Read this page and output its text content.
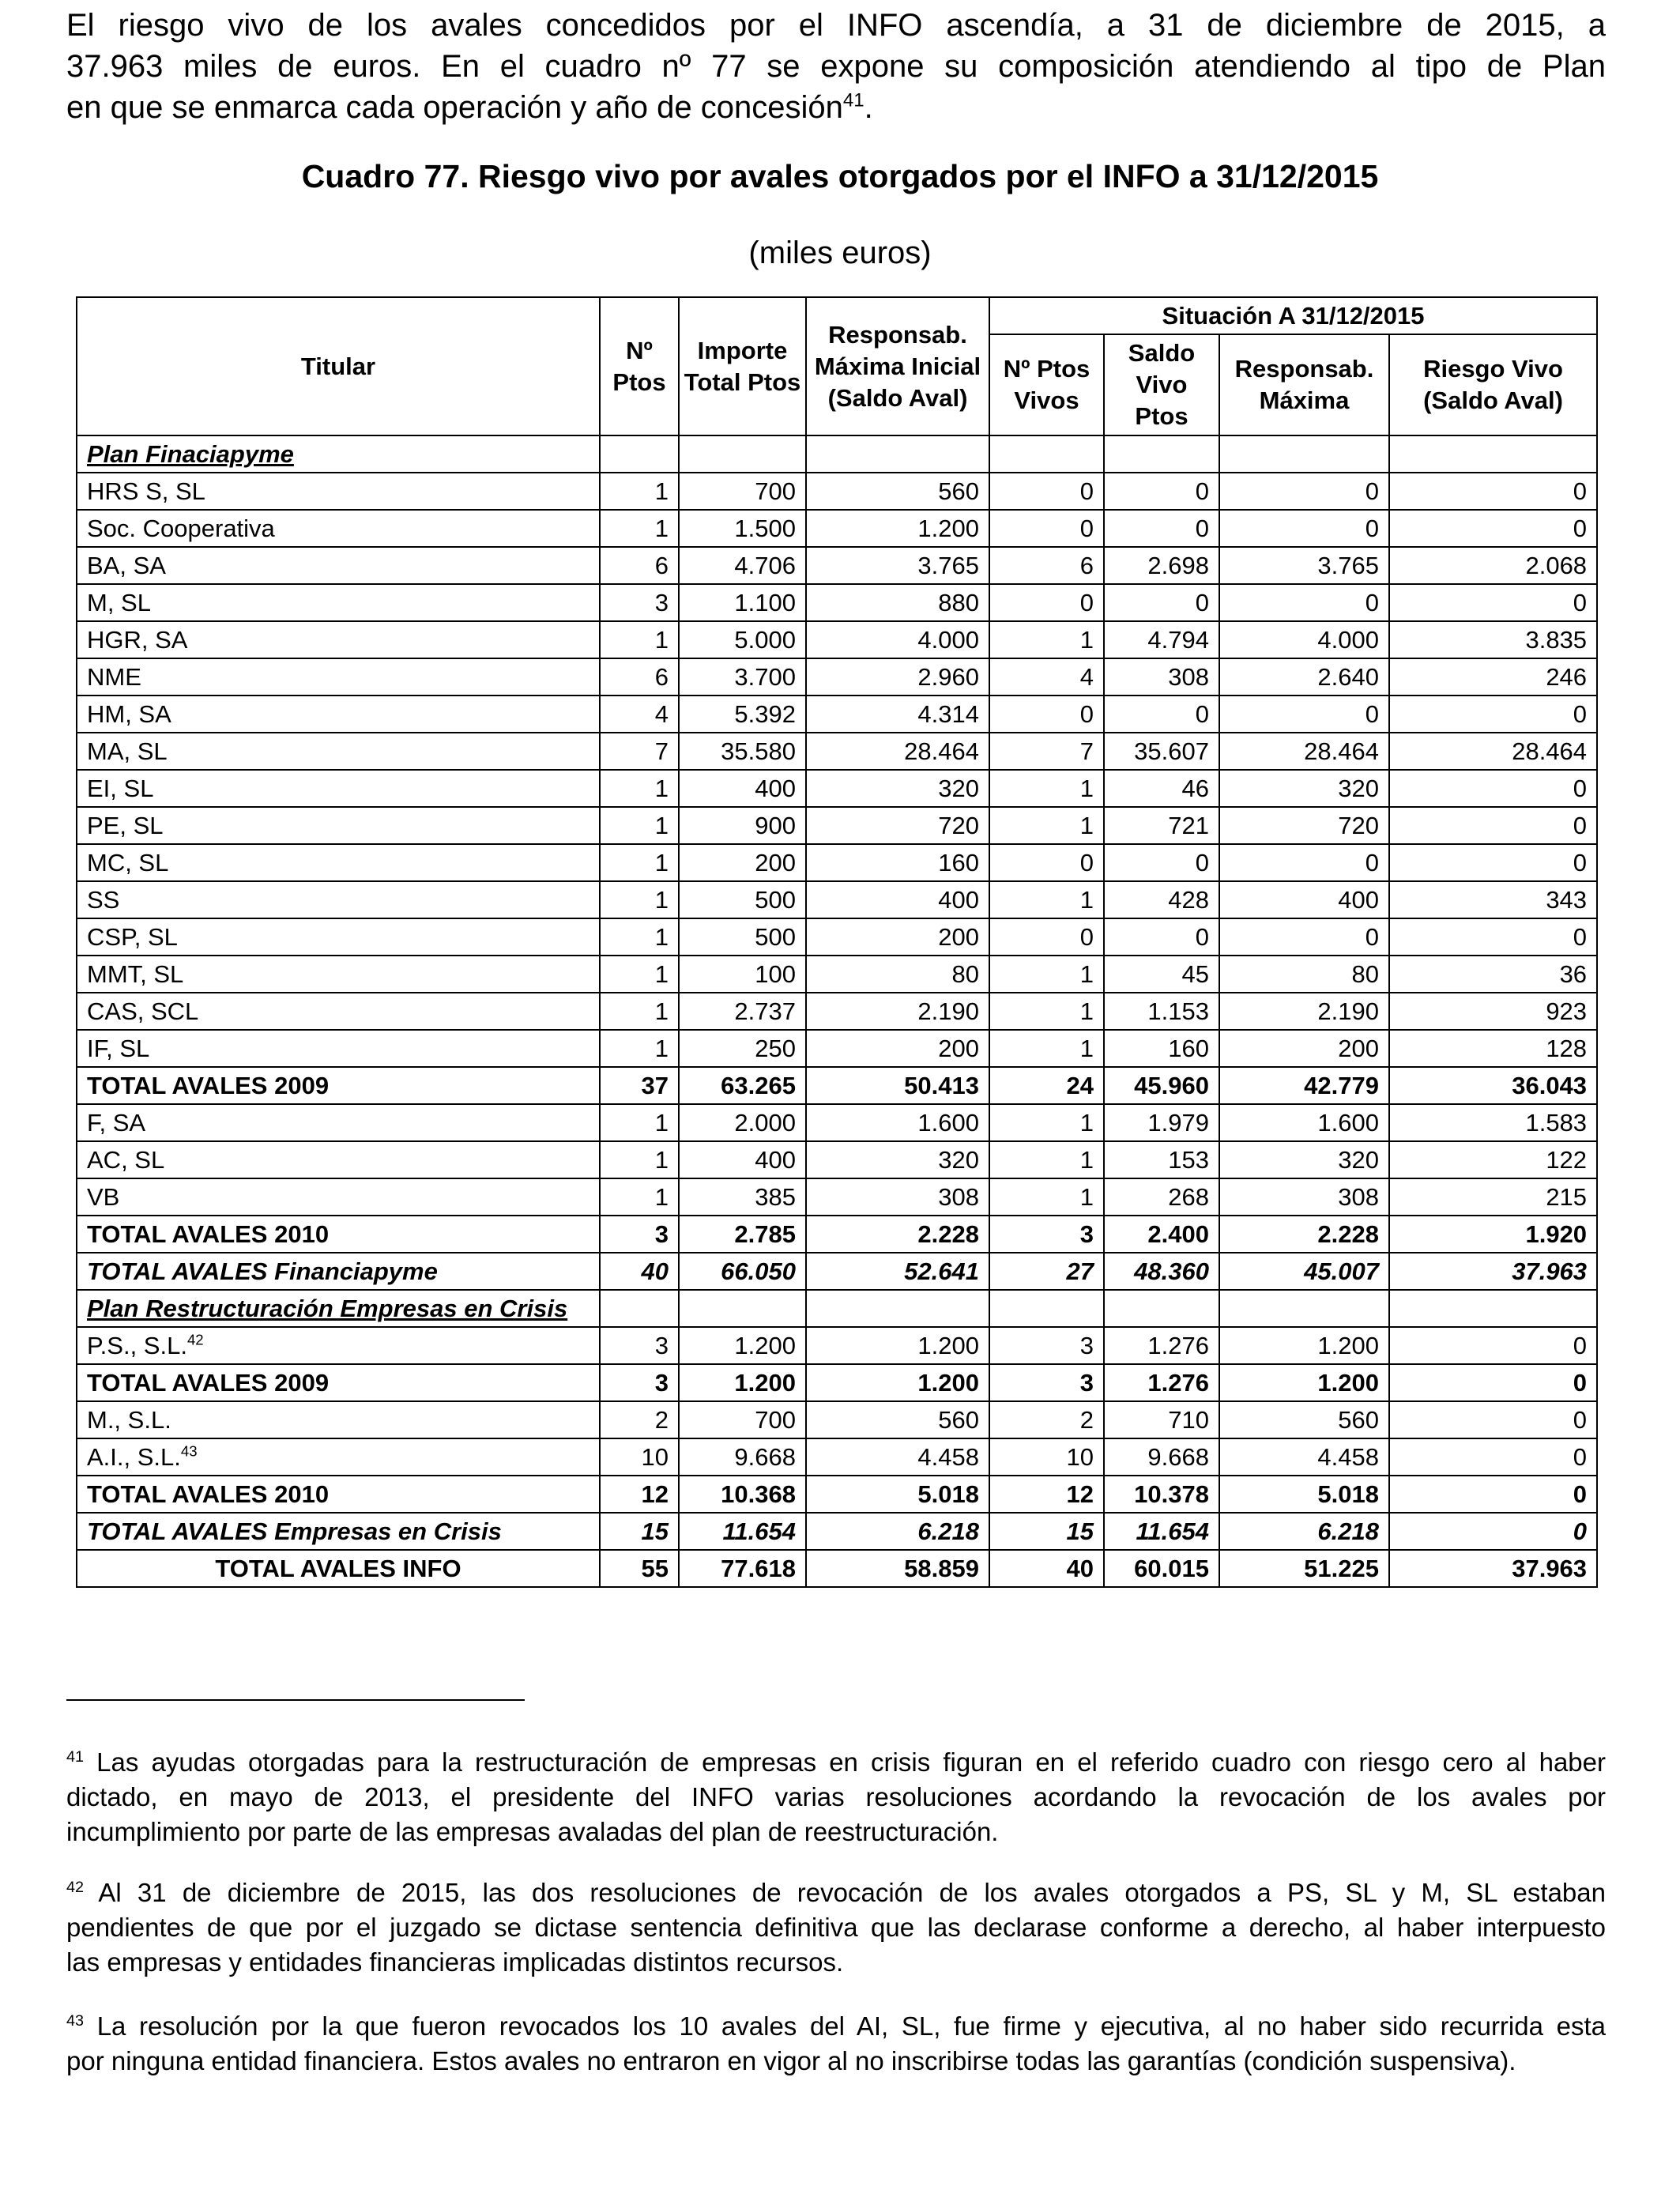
El riesgo vivo de los avales concedidos por el INFO ascendía, a 31 de diciembre de 2015, a
37.963 miles de euros. En el cuadro nº 77 se expone su composición atendiendo al tipo de Plan
en que se enmarca cada operación y año de concesión$^{41}$.
Cuadro 77. Riesgo vivo por avales otorgados por el INFO a 31/12/2015

(miles euros)

Titular	Nº Ptos	Importe Total Ptos	Responsab. Máxima Inicial (Saldo Aval)	Situación A 31/12/2015			
				Nº Ptos Vivos	Saldo Vivo Ptos	Responsab. Máxima	Riesgo Vivo (Saldo Aval)
Plan Finaciapyme							
HRS S, SL	1	700	560	0	0	0	0
Soc. Cooperativa	1	1.500	1.200	0	0	0	0
BA, SA	6	4.706	3.765	6	2.698	3.765	2.068
M, SL	3	1.100	880	0	0	0	0
HGR, SA	1	5.000	4.000	1	4.794	4.000	3.835
NME	6	3.700	2.960	4	308	2.640	246
HM, SA	4	5.392	4.314	0	0	0	0
MA, SL	7	35.580	28.464	7	35.607	28.464	28.464
EI, SL	1	400	320	1	46	320	0
PE, SL	1	900	720	1	721	720	0
MC, SL	1	200	160	0	0	0	0
SS	1	500	400	1	428	400	343
CSP, SL	1	500	200	0	0	0	0
MMT, SL	1	100	80	1	45	80	36
CAS, SCL	1	2.737	2.190	1	1.153	2.190	923
IF, SL	1	250	200	1	160	200	128
TOTAL AVALES 2009	37	63.265	50.413	24	45.960	42.779	36.043
F, SA	1	2.000	1.600	1	1.979	1.600	1.583
AC, SL	1	400	320	1	153	320	122
VB	1	385	308	1	268	308	215
TOTAL AVALES 2010	3	2.785	2.228	3	2.400	2.228	1.920
TOTAL AVALES Financiapyme	40	66.050	52.641	27	48.360	45.007	37.963
Plan Restructuración Empresas en Crisis							
P.S., S.L.$^{42}$	3	1.200	1.200	3	1.276	1.200	0
TOTAL AVALES 2009	3	1.200	1.200	3	1.276	1.200	0
M., S.L.	2	700	560	2	710	560	0
A.I., S.L.$^{43}$	10	9.668	4.458	10	9.668	4.458	0
TOTAL AVALES 2010	12	10.368	5.018	12	10.378	5.018	0
TOTAL AVALES Empresas en Crisis	15	11.654	6.218	15	11.654	6.218	0
TOTAL AVALES INFO	55	77.618	58.859	40	60.015	51.225	37.963
$^{41}$ Las ayudas otorgadas para la restructuración de empresas en crisis figuran en el referido cuadro con riesgo cero al haber
dictado, en mayo de 2013, el presidente del INFO varias resoluciones acordando la revocación de los avales por
incumplimiento por parte de las empresas avaladas del plan de reestructuración.
$^{42}$ Al 31 de diciembre de 2015, las dos resoluciones de revocación de los avales otorgados a PS, SL y M, SL estaban
pendientes de que por el juzgado se dictase sentencia definitiva que las declarase conforme a derecho, al haber interpuesto
las empresas y entidades financieras implicadas distintos recursos.
$^{43}$ La resolución por la que fueron revocados los 10 avales del AI, SL, fue firme y ejecutiva, al no haber sido recurrida esta
por ninguna entidad financiera. Estos avales no entraron en vigor al no inscribirse todas las garantías (condición suspensiva).
